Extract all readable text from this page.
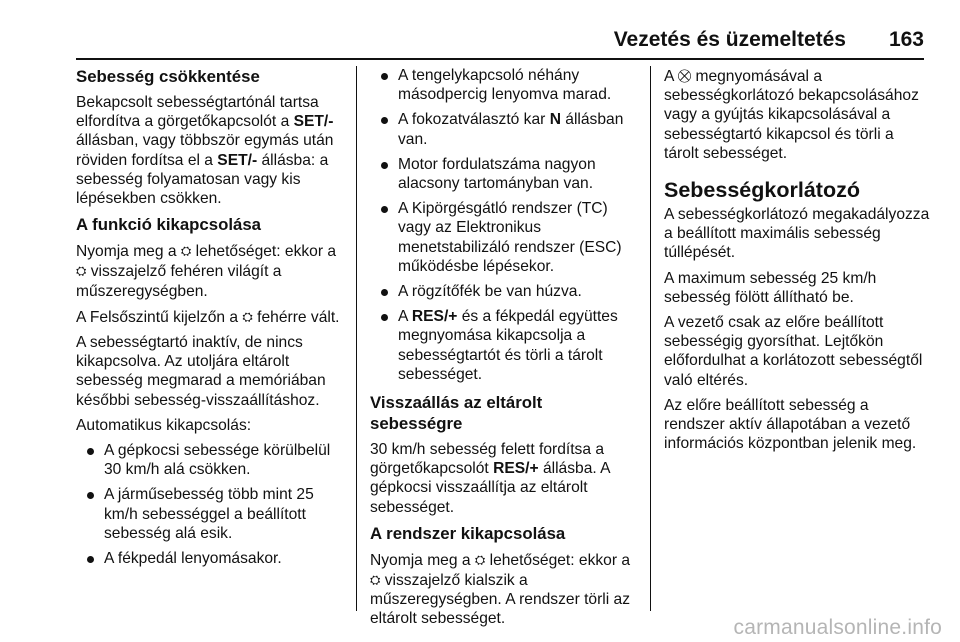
Vezetés és üzemeltetés 163
Sebesség csökkentése

Bekapcsolt sebességtartónál tartsa elfordítva a görgetőkapcsolót a SET/- állásban, vagy többször egymás után röviden fordítsa el a SET/- állásba: a sebesség folyamatosan vagy kis lépésekben csökken.

A funkció kikapcsolása

Nyomja meg a ⛭ lehetőséget: ekkor a ⛭ visszajelző fehéren világít a műszeregységben.

A Felsőszintű kijelzőn a ⛭ fehérre vált.

A sebességtartó inaktív, de nincs kikapcsolva. Az utoljára eltárolt sebesség megmarad a memóriában későbbi sebesség-visszaállításhoz.

Automatikus kikapcsolás:

A gépkocsi sebessége körülbelül 30 km/h alá csökken.
A járműsebesség több mint 25 km/h sebességgel a beállított sebesség alá esik.
A fékpedál lenyomásakor.
A tengelykapcsoló néhány másodpercig lenyomva marad.
A fokozatválasztó kar N állásban van.
Motor fordulatszáma nagyon alacsony tartományban van.
A Kipörgésgátló rendszer (TC) vagy az Elektronikus menetstabilizáló rendszer (ESC) működésbe lépésekor.
A rögzítőfék be van húzva.
A RES/+ és a fékpedál együttes megnyomása kikapcsolja a sebességtartót és törli a tárolt sebességet.
Visszaállás az eltárolt sebességre

30 km/h sebesség felett fordítsa a görgetőkapcsolót RES/+ állásba. A gépkocsi visszaállítja az eltárolt sebességet.

A rendszer kikapcsolása

Nyomja meg a ⛭ lehetőséget: ekkor a ⛭ visszajelző kialszik a műszeregységben. A rendszer törli az eltárolt sebességet.

A ⛒ megnyomásával a sebességkorlátozó bekapcsolásához vagy a gyújtás kikapcsolásával a sebességtartó kikapcsol és törli a tárolt sebességet.

Sebességkorlátozó

A sebességkorlátozó megakadályozza a beállított maximális sebesség túllépését.

A maximum sebesség 25 km/h sebesség fölött állítható be.

A vezető csak az előre beállított sebességig gyorsíthat. Lejtőkön előfordulhat a korlátozott sebességtől való eltérés.

Az előre beállított sebesség a rendszer aktív állapotában a vezető információs központban jelenik meg.

carmanualsonline.info
